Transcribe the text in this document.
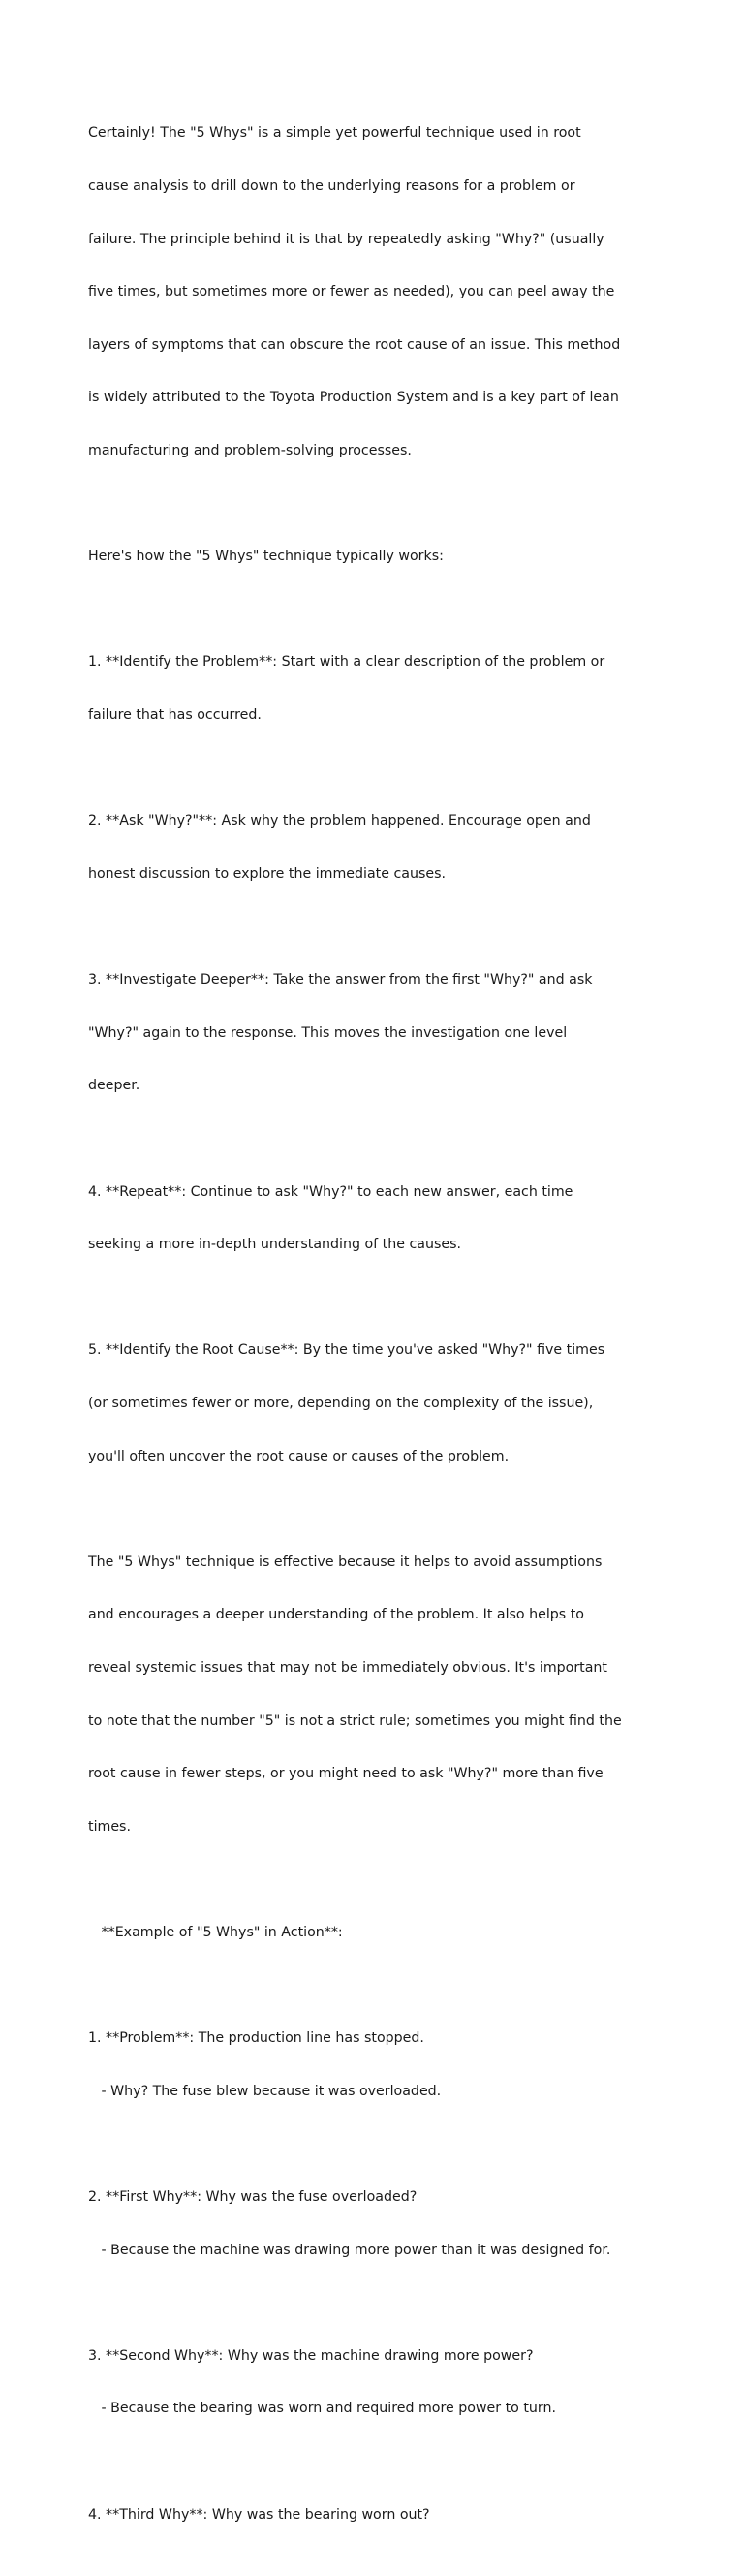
Certainly! The "5 Whys" is a simple yet powerful technique used in root

cause analysis to drill down to the underlying reasons for a problem or

failure. The principle behind it is that by repeatedly asking "Why?" (usually

five times, but sometimes more or fewer as needed), you can peel away the

layers of symptoms that can obscure the root cause of an issue. This method

is widely attributed to the Toyota Production System and is a key part of lean

manufacturing and problem-solving processes.

Here's how the "5 Whys" technique typically works:

1. **Identify the Problem**: Start with a clear description of the problem or

failure that has occurred.

2. **Ask "Why?"**: Ask why the problem happened. Encourage open and

honest discussion to explore the immediate causes.

3. **Investigate Deeper**: Take the answer from the first "Why?" and ask

"Why?" again to the response. This moves the investigation one level

deeper.

4. **Repeat**: Continue to ask "Why?" to each new answer, each time

seeking a more in-depth understanding of the causes.

5. **Identify the Root Cause**: By the time you've asked "Why?" five times

(or sometimes fewer or more, depending on the complexity of the issue),

you'll often uncover the root cause or causes of the problem.

The "5 Whys" technique is effective because it helps to avoid assumptions

and encourages a deeper understanding of the problem. It also helps to

reveal systemic issues that may not be immediately obvious. It's important

to note that the number "5" is not a strict rule; sometimes you might find the

root cause in fewer steps, or you might need to ask "Why?" more than five

times.

**Example of "5 Whys" in Action**:

1. **Problem**: The production line has stopped.

- Why? The fuse blew because it was overloaded.

2. **First Why**: Why was the fuse overloaded?

- Because the machine was drawing more power than it was designed for.

3. **Second Why**: Why was the machine drawing more power?

- Because the bearing was worn and required more power to turn.

4. **Third Why**: Why was the bearing worn out?
